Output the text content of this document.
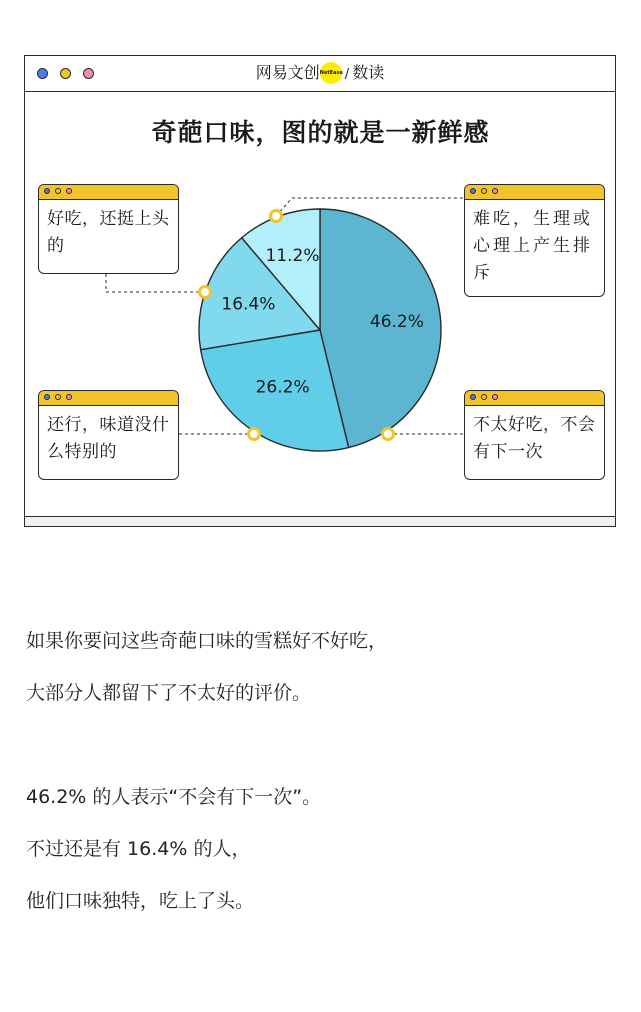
网易文创NetEase / 数读
奇葩口味，图的就是一新鲜感
46.2%
26.2%
16.4%
11.2%
好吃，还挺上头的
难吃，生理或心理上产生排斥
还行，味道没什么特别的
不太好吃，不会有下一次
如果你要问这些奇葩口味的雪糕好不好吃，
大部分人都留下了不太好的评价。
46.2% 的人表示“不会有下一次”。
不过还是有 16.4% 的人，
他们口味独特，吃上了头。
